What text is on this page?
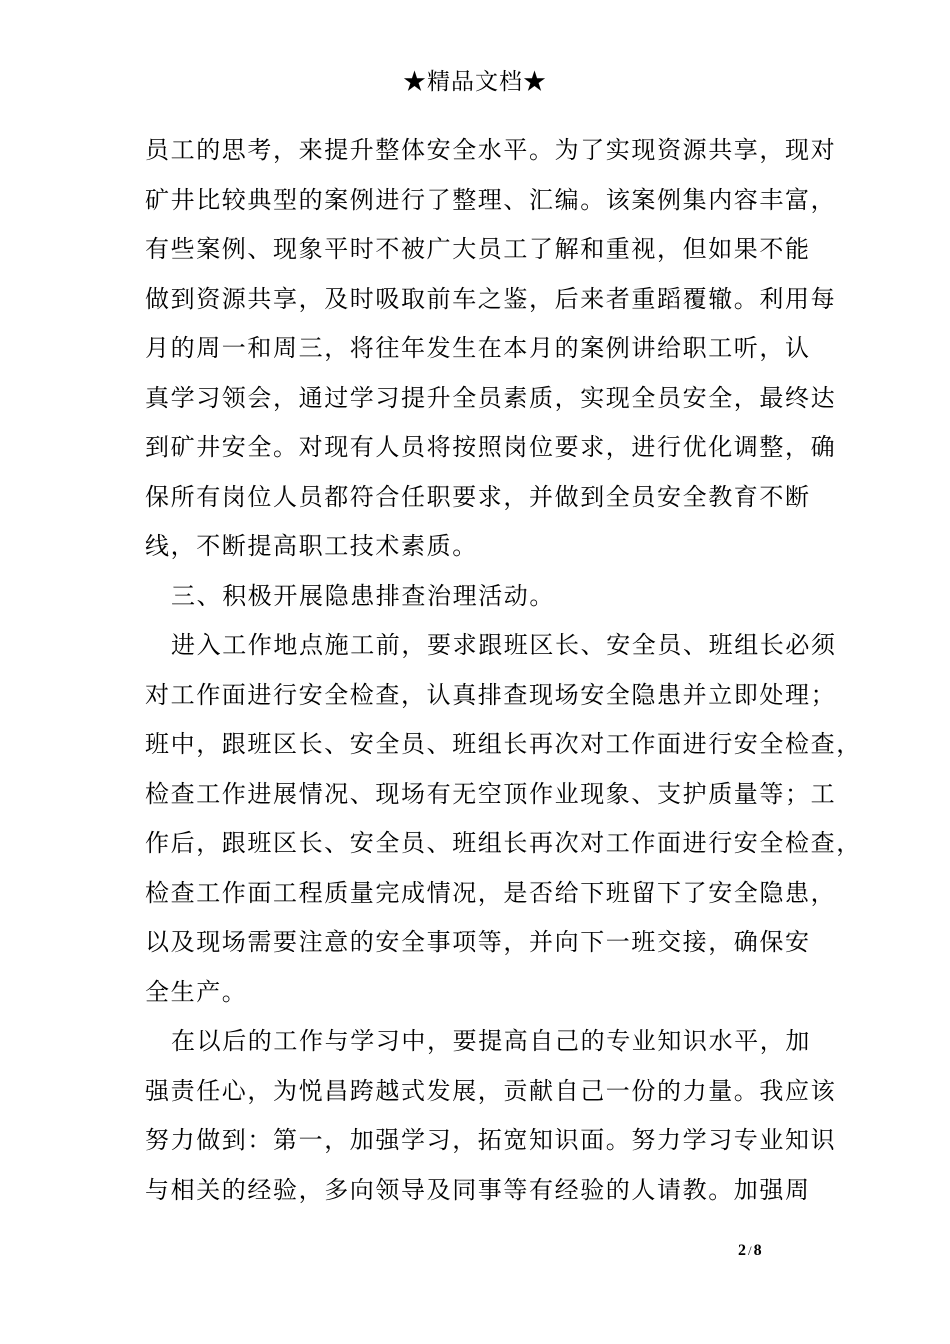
★精品文档★
员工的思考，来提升整体安全水平。为了实现资源共享，现对
矿井比较典型的案例进行了整理、汇编。该案例集内容丰富，
有些案例、现象平时不被广大员工了解和重视，但如果不能
做到资源共享，及时吸取前车之鉴，后来者重蹈覆辙。利用每
月的周一和周三，将往年发生在本月的案例讲给职工听，认
真学习领会，通过学习提升全员素质，实现全员安全，最终达
到矿井安全。对现有人员将按照岗位要求，进行优化调整，确
保所有岗位人员都符合任职要求，并做到全员安全教育不断
线，不断提高职工技术素质。
三、积极开展隐患排查治理活动。
进入工作地点施工前，要求跟班区长、安全员、班组长必须
对工作面进行安全检查，认真排查现场安全隐患并立即处理；
班中，跟班区长、安全员、班组长再次对工作面进行安全检查，
检查工作进展情况、现场有无空顶作业现象、支护质量等；工
作后，跟班区长、安全员、班组长再次对工作面进行安全检查，
检查工作面工程质量完成情况，是否给下班留下了安全隐患，
以及现场需要注意的安全事项等，并向下一班交接，确保安
全生产。
在以后的工作与学习中，要提高自己的专业知识水平，加
强责任心，为悦昌跨越式发展，贡献自己一份的力量。我应该
努力做到：第一，加强学习，拓宽知识面。努力学习专业知识
与相关的经验，多向领导及同事等有经验的人请教。加强周
2 / 8
